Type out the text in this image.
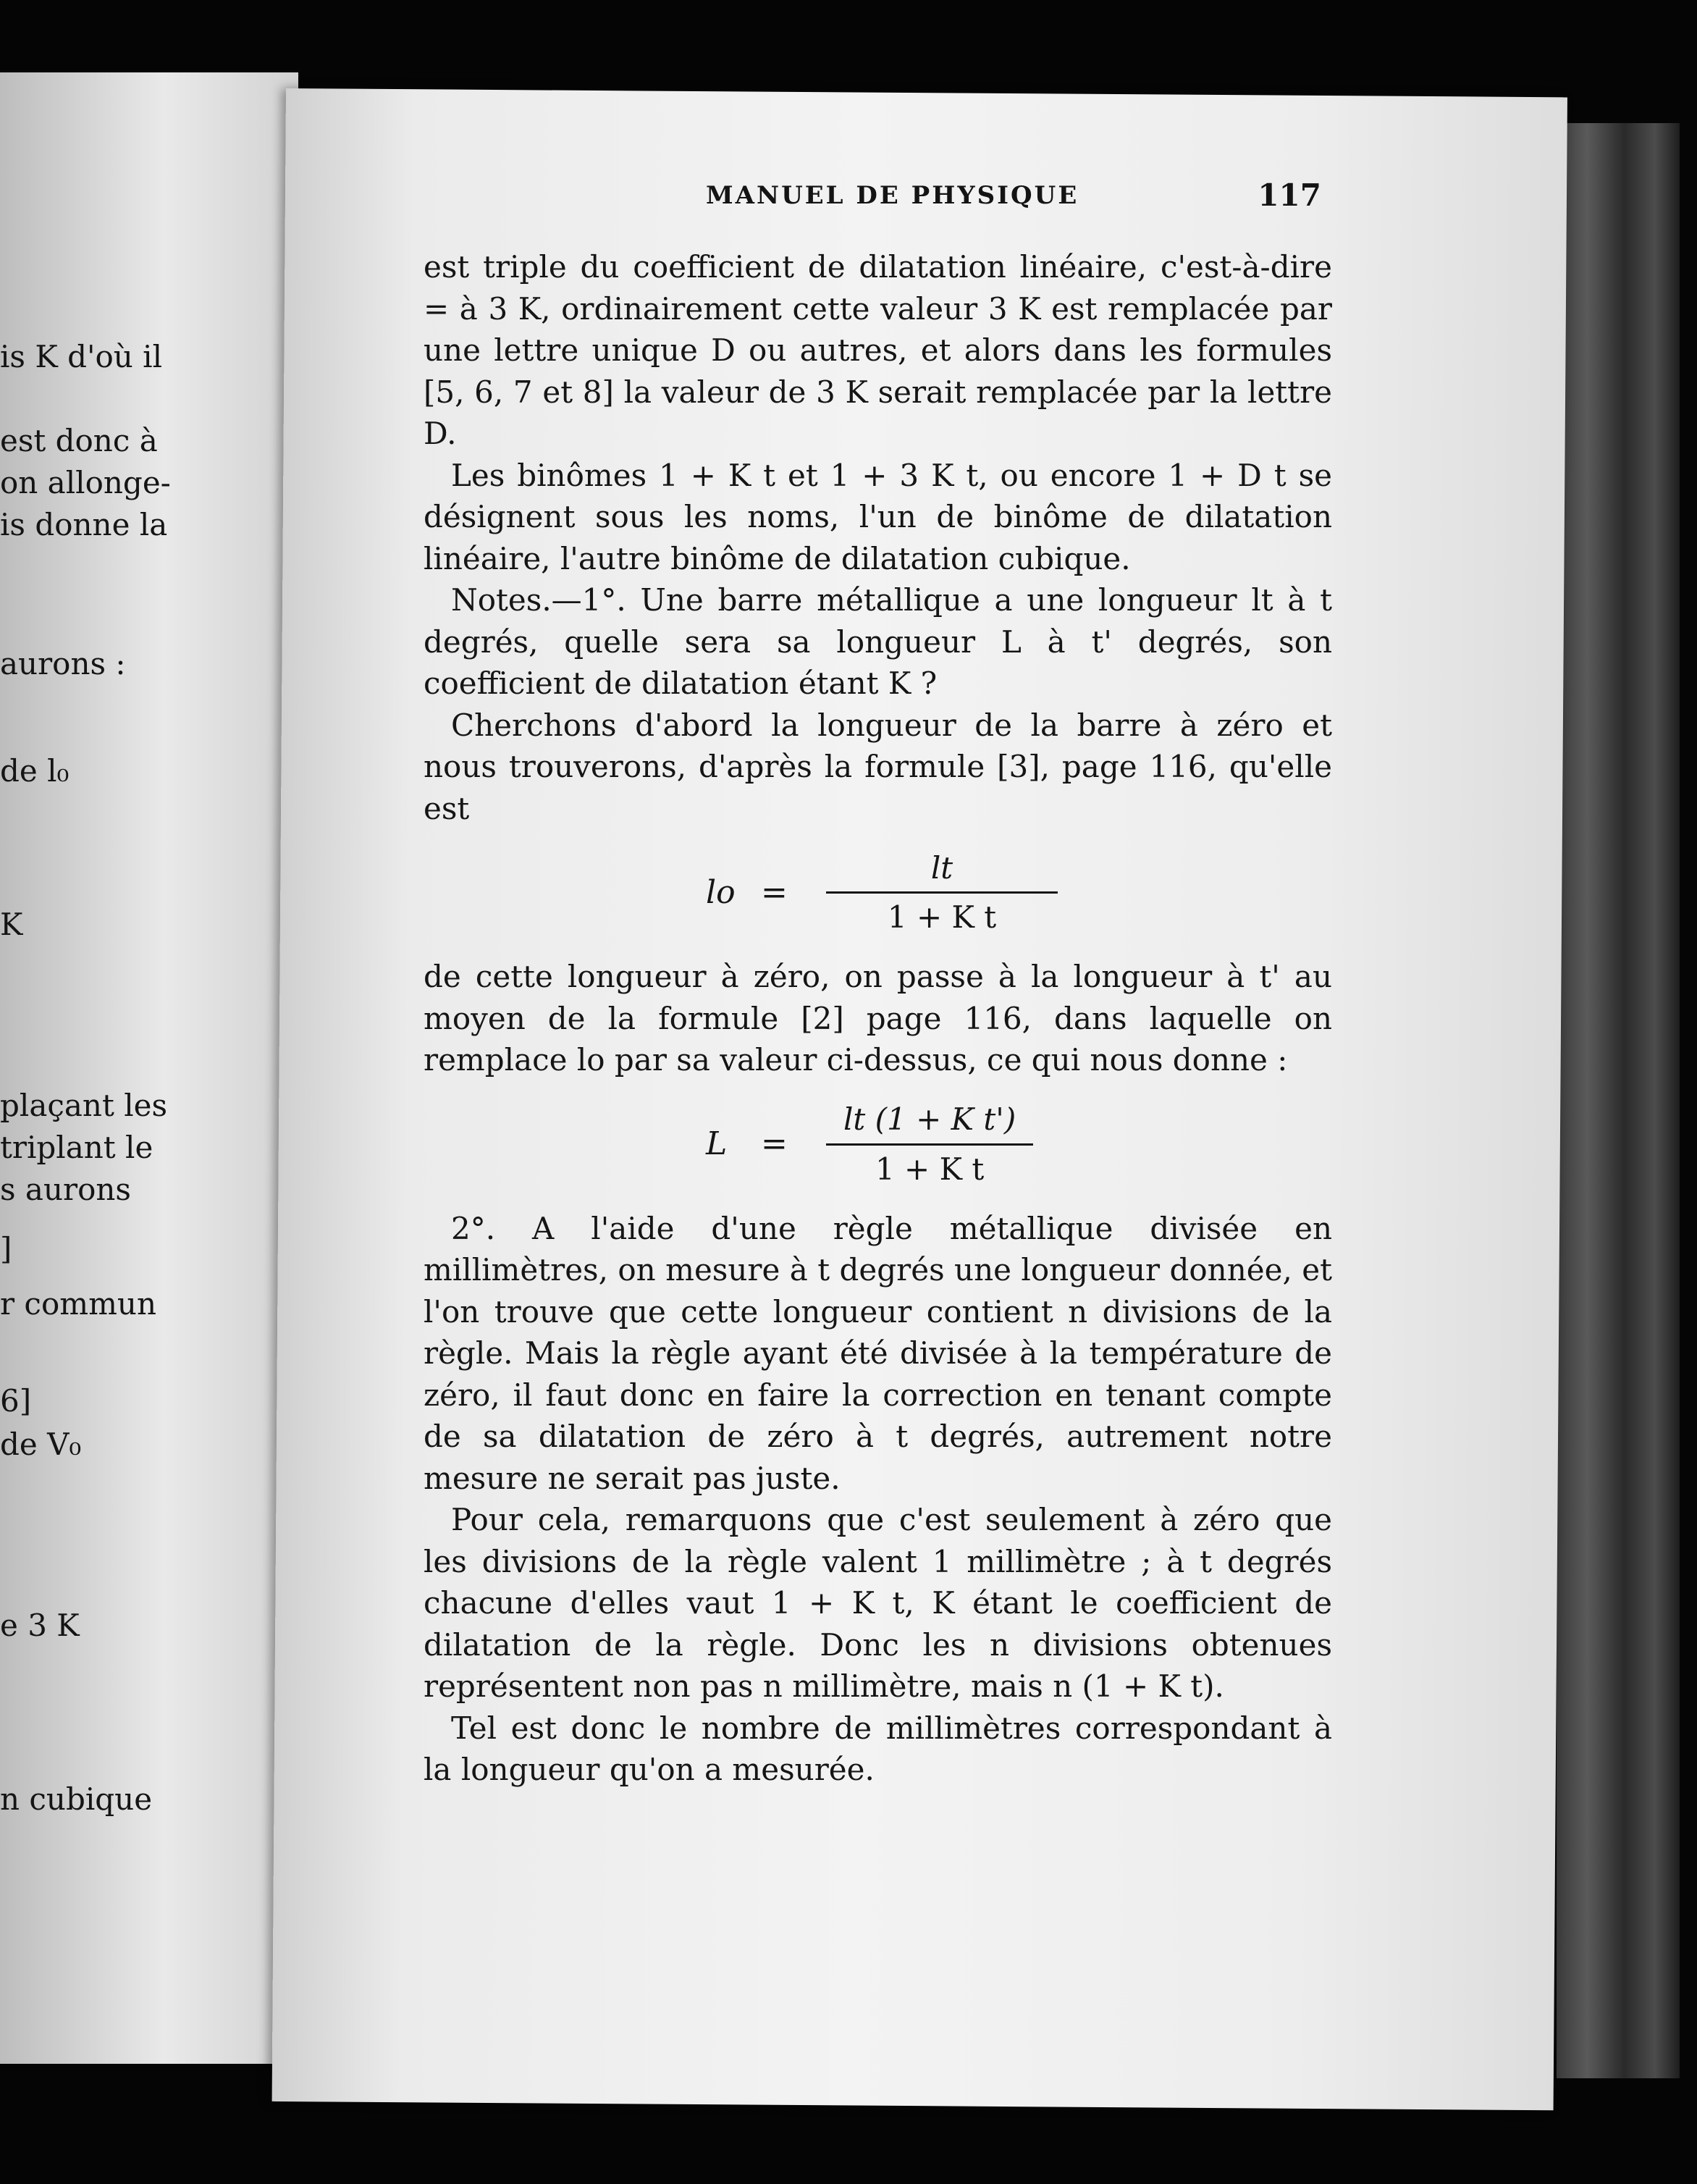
is K d'où il
est donc à
on allonge-
is donne la
aurons :
de l₀
K
plaçant les
triplant le
s aurons
]
r commun
6]
de V₀
e 3 K
n cubique
MANUEL DE PHYSIQUE	117

est triple du coefficient de dilatation linéaire, c'est-à-dire = à 3 K, ordinairement cette valeur 3 K est remplacée par une lettre unique D ou autres, et alors dans les formules [5, 6, 7 et 8] la valeur de 3 K serait remplacée par la lettre D.

Les binômes 1 + K t et 1 + 3 K t, ou encore 1 + D t se désignent sous les noms, l'un de binôme de dilatation linéaire, l'autre binôme de dilatation cubique.

Notes.—1°. Une barre métallique a une longueur lt à t degrés, quelle sera sa longueur L à t' degrés, son coefficient de dilatation étant K ?

Cherchons d'abord la longueur de la barre à zéro et nous trouverons, d'après la formule [3], page 116, qu'elle est

lo =	$\frac{lt}{\text{1 + K t}}$

de cette longueur à zéro, on passe à la longueur à t' au moyen de la formule [2] page 116, dans laquelle on remplace lo par sa valeur ci-dessus, ce qui nous donne :

L	=	$\frac{\text{lt (1 + K t')}}{\text{1 + K t}}$

2°. A l'aide d'une règle métallique divisée en millimètres, on mesure à t degrés une longueur donnée, et l'on trouve que cette longueur contient n divisions de la règle. Mais la règle ayant été divisée à la température de zéro, il faut donc en faire la correction en tenant compte de sa dilatation de zéro à t degrés, autrement notre mesure ne serait pas juste.

Pour cela, remarquons que c'est seulement à zéro que les divisions de la règle valent 1 millimètre ; à t degrés chacune d'elles vaut 1 + K t, K étant le coefficient de dilatation de la règle. Donc les n divisions obtenues représentent non pas n millimètre, mais n (1 + K t).

Tel est donc le nombre de millimètres correspondant à la longueur qu'on a mesurée.
